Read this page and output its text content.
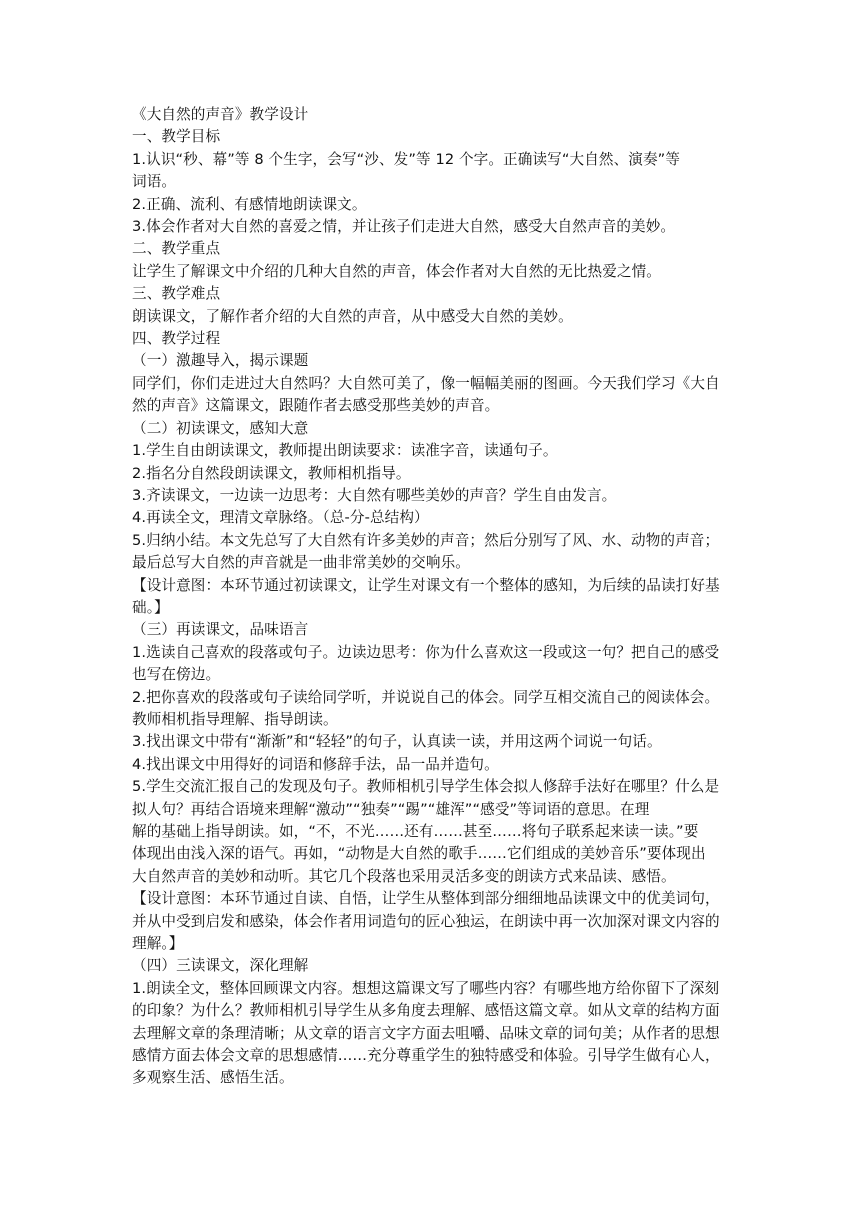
《大自然的声音》教学设计
一、教学目标
1.认识“秒、幕”等 8 个生字，会写“沙、发”等 12 个字。正确读写“大自然、演奏”等
词语。
2.正确、流利、有感情地朗读课文。
3.体会作者对大自然的喜爱之情，并让孩子们走进大自然，感受大自然声音的美妙。
二、教学重点
让学生了解课文中介绍的几种大自然的声音，体会作者对大自然的无比热爱之情。
三、教学难点
朗读课文，了解作者介绍的大自然的声音，从中感受大自然的美妙。
四、教学过程
（一）激趣导入，揭示课题
同学们，你们走进过大自然吗？大自然可美了，像一幅幅美丽的图画。今天我们学习《大自
然的声音》这篇课文，跟随作者去感受那些美妙的声音。
（二）初读课文，感知大意
1.学生自由朗读课文，教师提出朗读要求：读准字音，读通句子。
2.指名分自然段朗读课文，教师相机指导。
3.齐读课文，一边读一边思考：大自然有哪些美妙的声音？学生自由发言。
4.再读全文，理清文章脉络。（总-分-总结构）
5.归纳小结。本文先总写了大自然有许多美妙的声音；然后分别写了风、水、动物的声音；
最后总写大自然的声音就是一曲非常美妙的交响乐。
【设计意图：本环节通过初读课文，让学生对课文有一个整体的感知，为后续的品读打好基
础。】
（三）再读课文，品味语言
1.选读自己喜欢的段落或句子。边读边思考：你为什么喜欢这一段或这一句？把自己的感受
也写在傍边。
2.把你喜欢的段落或句子读给同学听，并说说自己的体会。同学互相交流自己的阅读体会。
教师相机指导理解、指导朗读。
3.找出课文中带有“渐渐”和“轻轻”的句子，认真读一读，并用这两个词说一句话。
4.找出课文中用得好的词语和修辞手法，品一品并造句。
5.学生交流汇报自己的发现及句子。教师相机引导学生体会拟人修辞手法好在哪里？什么是
拟人句？再结合语境来理解“激动”“独奏”“踢”“雄浑”“感受”等词语的意思。在理
解的基础上指导朗读。如，“不，不光……还有……甚至……将句子联系起来读一读。”要
体现出由浅入深的语气。再如，“动物是大自然的歌手……它们组成的美妙音乐”要体现出
大自然声音的美妙和动听。其它几个段落也采用灵活多变的朗读方式来品读、感悟。
【设计意图：本环节通过自读、自悟，让学生从整体到部分细细地品读课文中的优美词句，
并从中受到启发和感染，体会作者用词造句的匠心独运，在朗读中再一次加深对课文内容的
理解。】
（四）三读课文，深化理解
1.朗读全文，整体回顾课文内容。想想这篇课文写了哪些内容？有哪些地方给你留下了深刻
的印象？为什么？教师相机引导学生从多角度去理解、感悟这篇文章。如从文章的结构方面
去理解文章的条理清晰；从文章的语言文字方面去咀嚼、品味文章的词句美；从作者的思想
感情方面去体会文章的思想感情……充分尊重学生的独特感受和体验。引导学生做有心人，
多观察生活、感悟生活。
